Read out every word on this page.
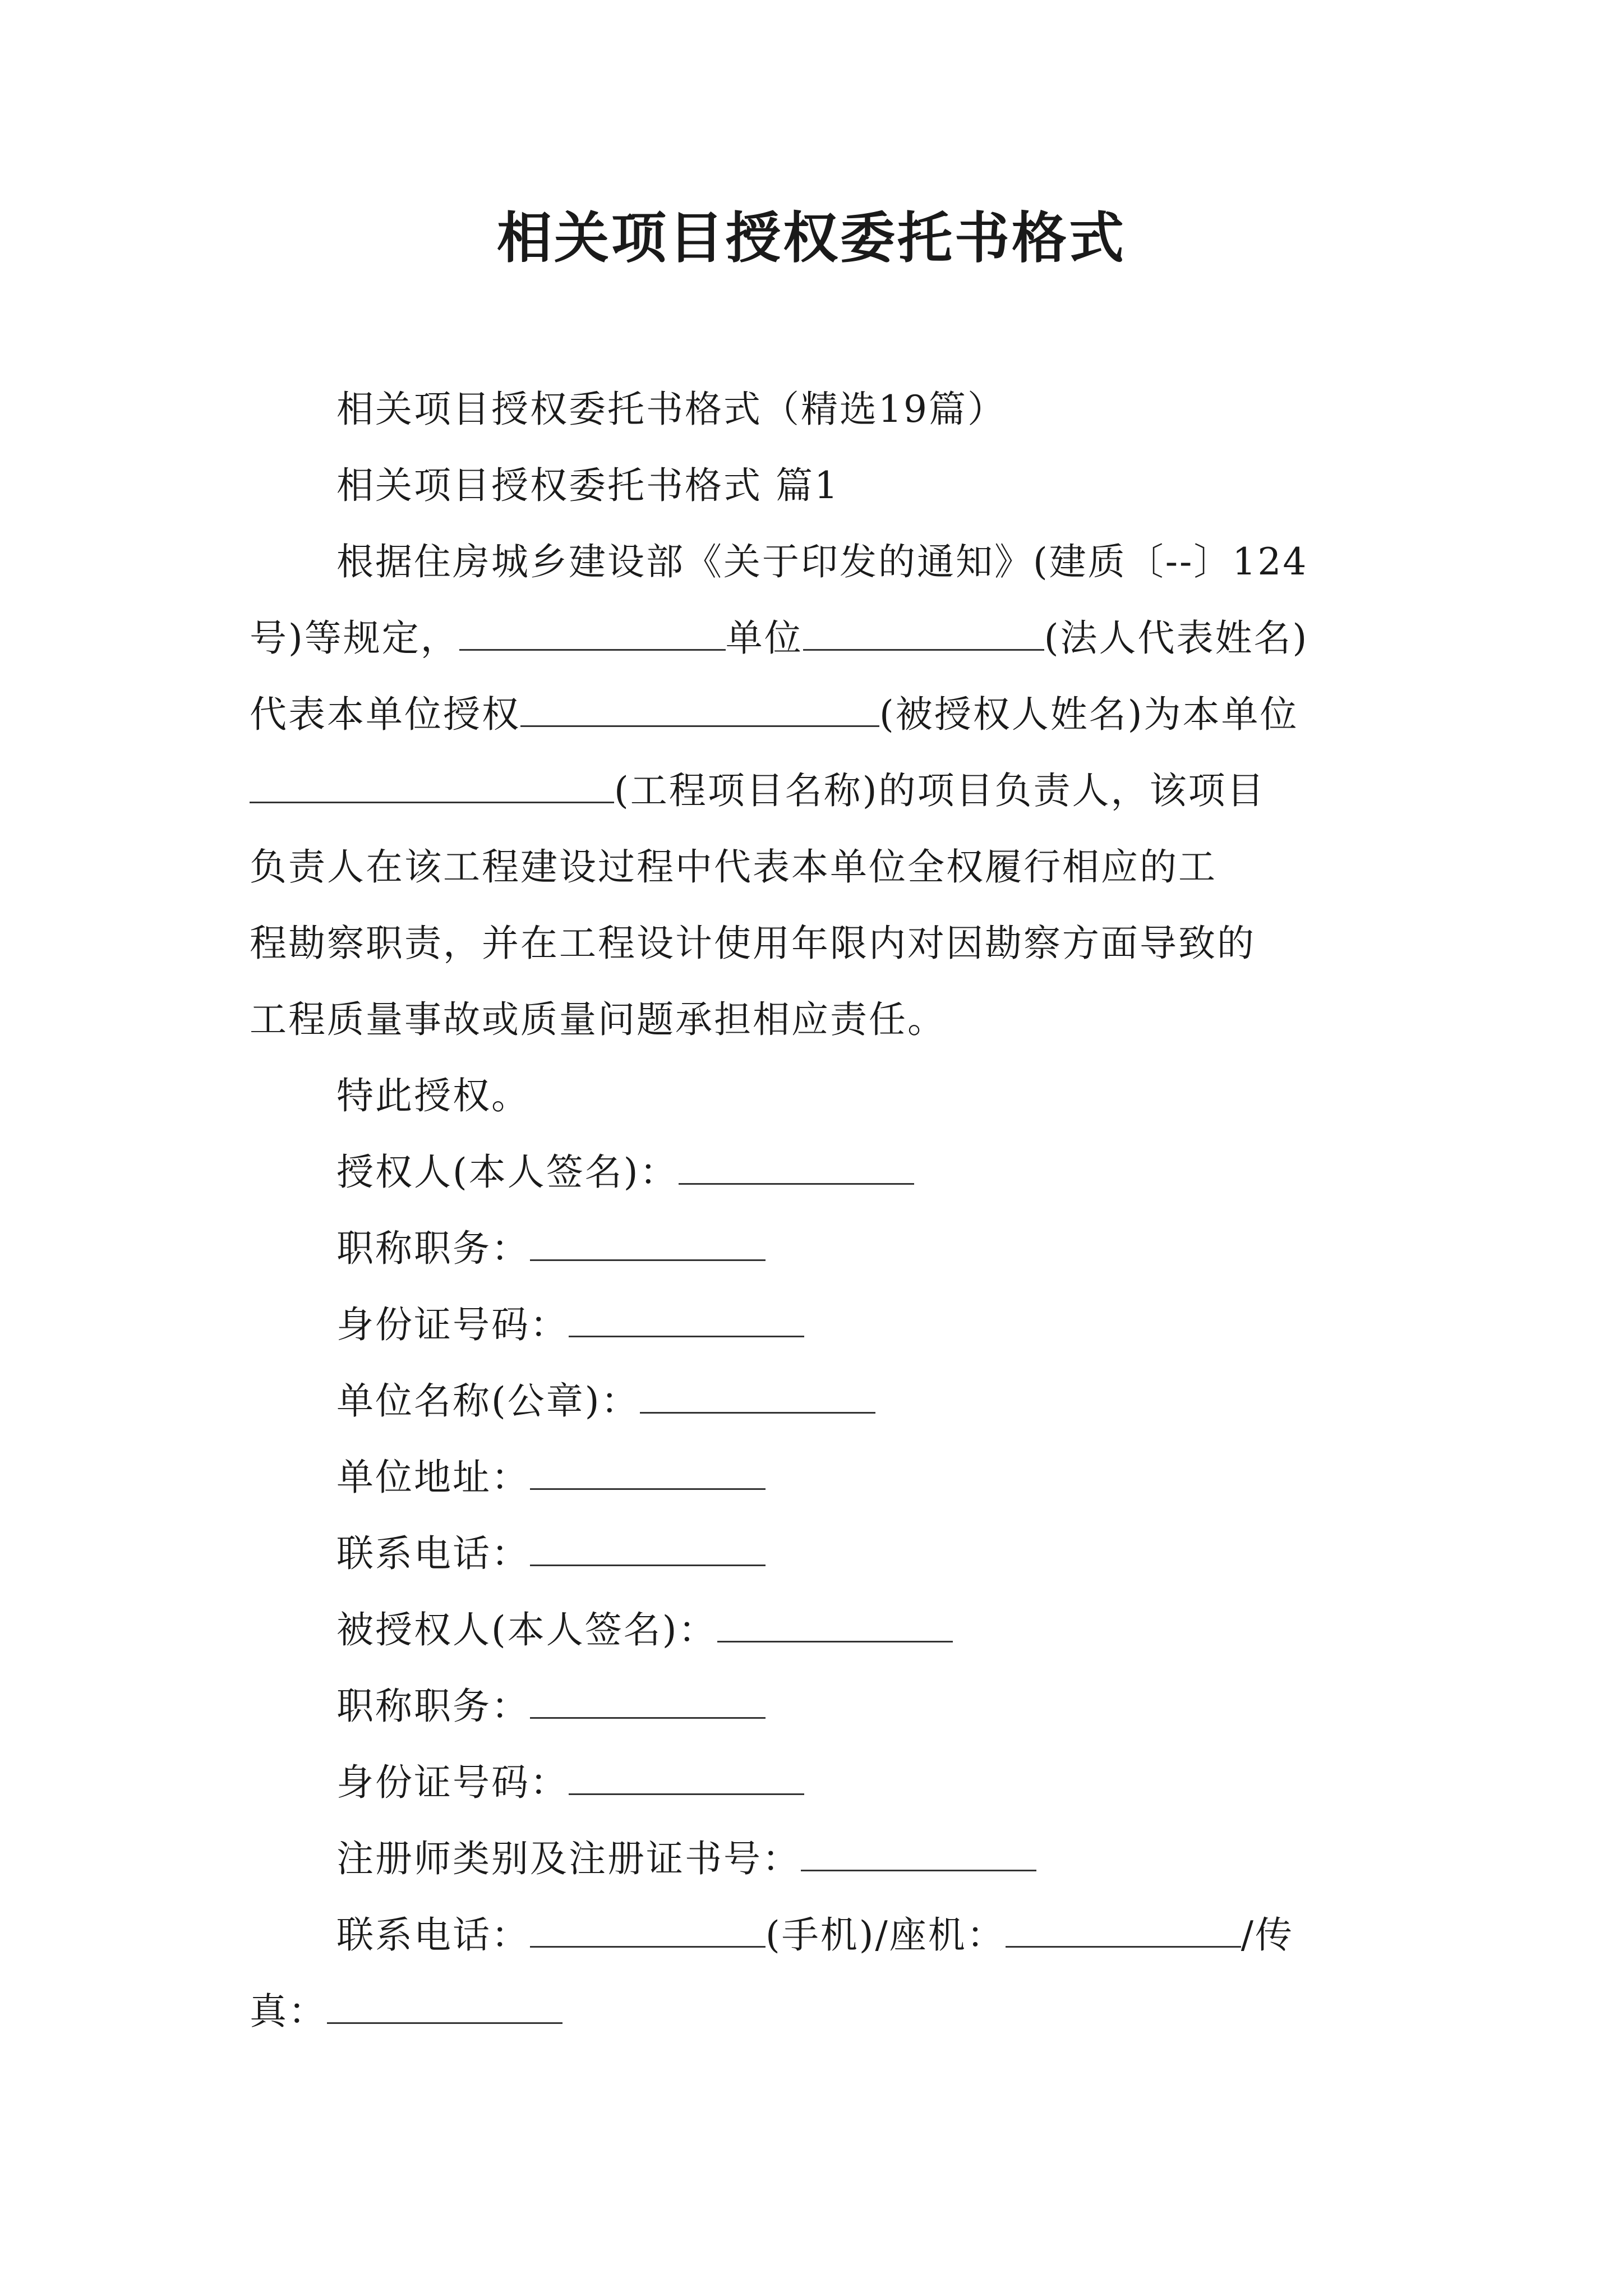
相关项目授权委托书格式
相关项目授权委托书格式（精选19篇）
相关项目授权委托书格式 篇1
根据住房城乡建设部《关于印发的通知》(建质〔--〕124
号)等规定，	单位	(法人代表姓名)
代表本单位授权	(被授权人姓名)为本单位
(工程项目名称)的项目负责人，该项目
负责人在该工程建设过程中代表本单位全权履行相应的工
程勘察职责，并在工程设计使用年限内对因勘察方面导致的
工程质量事故或质量问题承担相应责任。
特此授权。
授权人(本人签名)：
职称职务：
身份证号码：
单位名称(公章)：
单位地址：
联系电话：
被授权人(本人签名)：
职称职务：
身份证号码：
注册师类别及注册证书号：
联系电话：	(手机)/座机：	/传
真：
